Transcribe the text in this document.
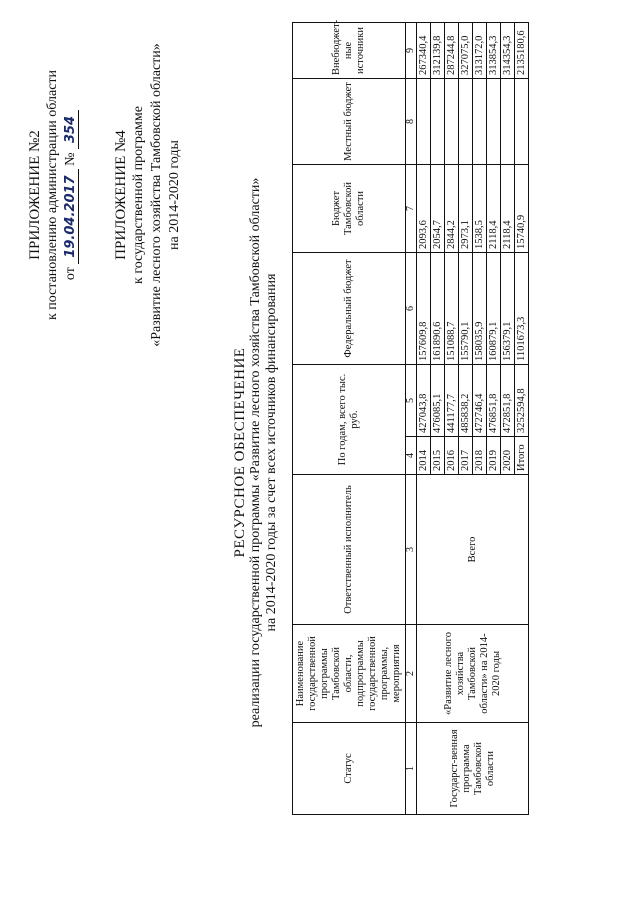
ПРИЛОЖЕНИЕ №2 к постановлению администрации области от 19.04.2017 № 354
ПРИЛОЖЕНИЕ №4 к государственной программе «Развитие лесного хозяйства Тамбовской области» на 2014-2020 годы
РЕСУРСНОЕ ОБЕСПЕЧЕНИЕ реализации государственной программы «Развитие лесного хозяйства Тамбовской области» на 2014-2020 годы за счет всех источников финансирования
Статус	Наименование государственной программы Тамбовской области, подпрограммы государственной программы, мероприятия	Ответственный исполнитель	По годам, всего тыс. руб.		Федеральный бюджет	Бюджет Тамбовской области	Местный бюджет	Внебюджет-ные источники
1	2	3	4	5	6	7	8	9
Государст-венная программа Тамбовской области	«Развитие лесного хозяйства Тамбовской области» на 2014-2020 годы	Всего	2014	427043,8	157609,8	2093,6		267340,4
			2015	476085,1	161890,6	2054,7		312139,8
			2016	441177,7	151088,7	2844,2		287244,8
			2017	485838,2	155790,1	2973,1		327075,0
			2018	472746,4	158035,9	1538,5		313172,0
			2019	476851,8	160879,1	2118,4		313854,3
			2020	472851,8	156379,1	2118,4		314354,3
			Итого	3252594,8	1101673,3	15740,9		2135180,6
